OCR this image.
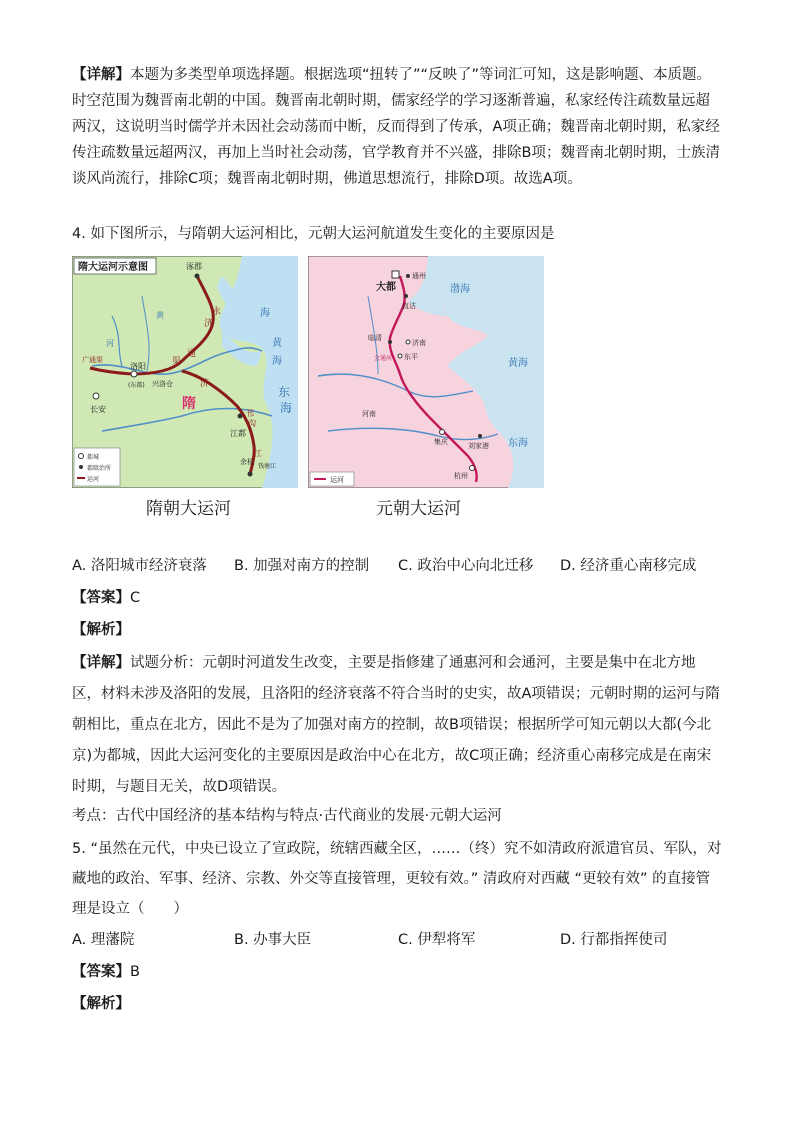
【详解】本题为多类型单项选择题。根据选项“扭转了”“反映了”等词汇可知，这是影响题、本质题。时空范围为魏晋南北朝的中国。魏晋南北朝时期，儒家经学的学习逐渐普遍，私家经传注疏数量远超两汉，这说明当时儒学并未因社会动荡而中断，反而得到了传承，A项正确；魏晋南北朝时期，私家经传注疏数量远超两汉，再加上当时社会动荡，官学教育并不兴盛，排除B项；魏晋南北朝时期，士族清谈风尚流行，排除C项；魏晋南北朝时期，佛道思想流行，排除D项。故选A项。

4. 如下图所示，与隋朝大运河相比，元朝大运河航道发生变化的主要原因是
隋大运河示意图	涿郡
永
济
通
渠
济
广通渠
洛阳
(东都) 兴洛仓
长安	隋
江都
邗
沟
余杭
钱塘江
江
河
黄	海
黄
海
东
海
都城
郡级治所
运河
隋朝大运河
大都
通州
直沽
临清
济南
东平
会通河
河南
集庆	刘家港
杭州
渤海
黄海
东海
运河
元朝大运河
A. 洛阳城市经济衰落 B. 加强对南方的控制 C. 政治中心向北迁移 D. 经济重心南移完成
【答案】C
【解析】

【详解】试题分析：元朝时河道发生改变，主要是指修建了通惠河和会通河，主要是集中在北方地区，材料未涉及洛阳的发展，且洛阳的经济衰落不符合当时的史实，故A项错误；元朝时期的运河与隋朝相比，重点在北方，因此不是为了加强对南方的控制，故B项错误；根据所学可知元朝以大都(今北京)为都城，因此大运河变化的主要原因是政治中心在北方，故C项正确；经济重心南移完成是在南宋时期，与题目无关，故D项错误。

考点：古代中国经济的基本结构与特点·古代商业的发展·元朝大运河

5. “虽然在元代，中央已设立了宣政院，统辖西藏全区，……（终）究不如清政府派遣官员、军队，对藏地的政治、军事、经济、宗教、外交等直接管理，更较有效。” 清政府对西藏 “更较有效” 的直接管理是设立（　　）

A. 理藩院	B. 办事大臣	C. 伊犁将军	D. 行都指挥使司
【答案】B
【解析】
